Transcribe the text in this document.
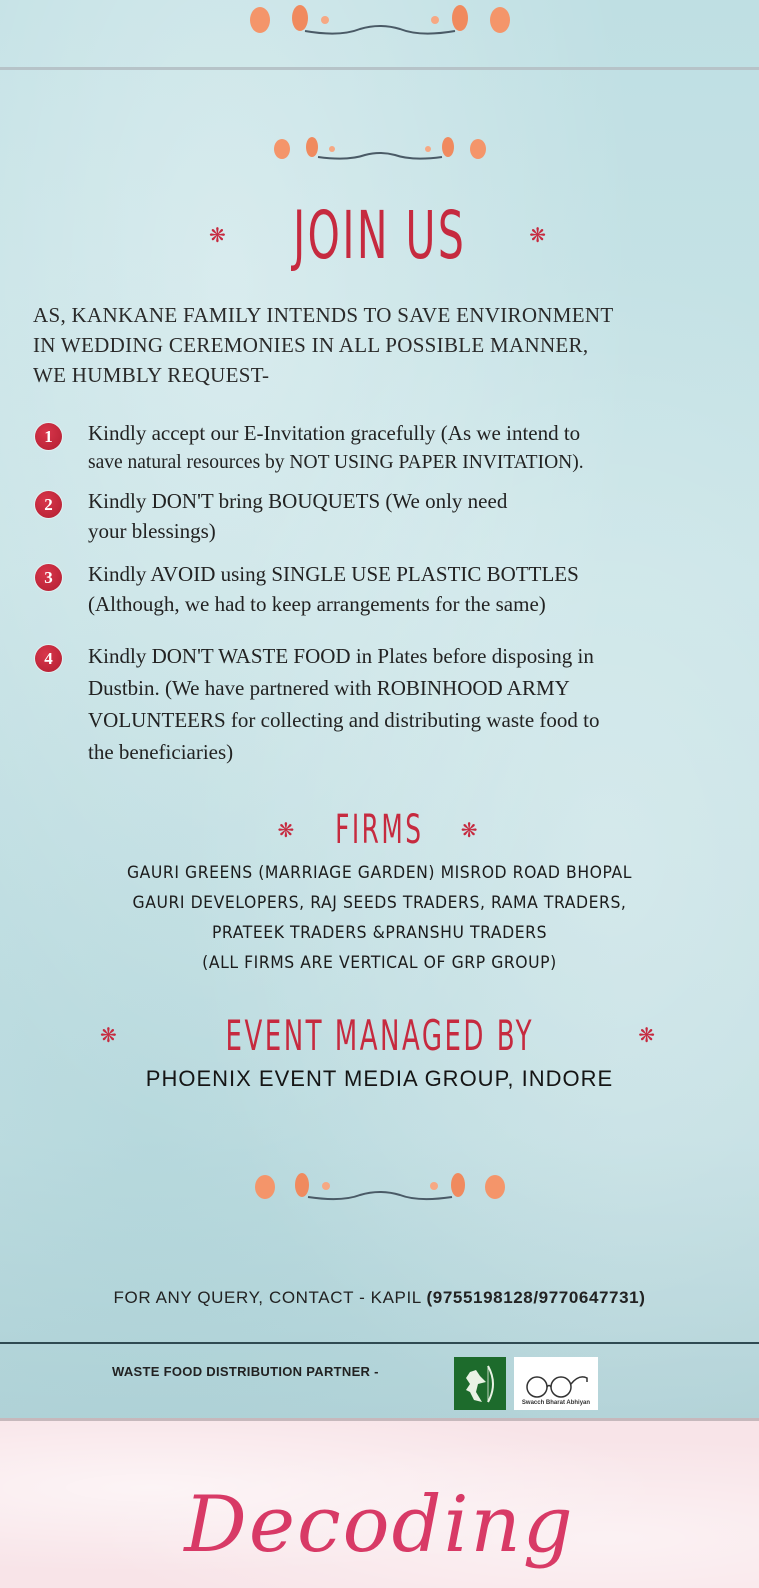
❋ JOIN US	❋
AS, KANKANE FAMILY INTENDS TO SAVE ENVIRONMENT
IN WEDDING CEREMONIES IN ALL POSSIBLE MANNER,
WE HUMBLY REQUEST-
1	Kindly accept our E-Invitation gracefully (As we intend to
save natural resources by NOT USING PAPER INVITATION).
2	Kindly DON'T bring BOUQUETS (We only need
your blessings)
3	Kindly AVOID using SINGLE USE PLASTIC BOTTLES
(Although, we had to keep arrangements for the same)
4	Kindly DON'T WASTE FOOD in Plates before disposing in
Dustbin. (We have partnered with ROBINHOOD ARMY
VOLUNTEERS for collecting and distributing waste food to
the beneficiaries)
❋ FIRMS ❋
GAURI GREENS (MARRIAGE GARDEN) MISROD ROAD BHOPAL
GAURI DEVELOPERS, RAJ SEEDS TRADERS, RAMA TRADERS,
PRATEEK TRADERS &PRANSHU TRADERS
(ALL FIRMS ARE VERTICAL OF GRP GROUP)
❋ EVENT MANAGED BY	❋
PHOENIX EVENT MEDIA GROUP, INDORE
FOR ANY QUERY, CONTACT - KAPIL (9755198128/9770647731)
WASTE FOOD DISTRIBUTION PARTNER -
Swacch Bharat Abhiyan
Decoding
